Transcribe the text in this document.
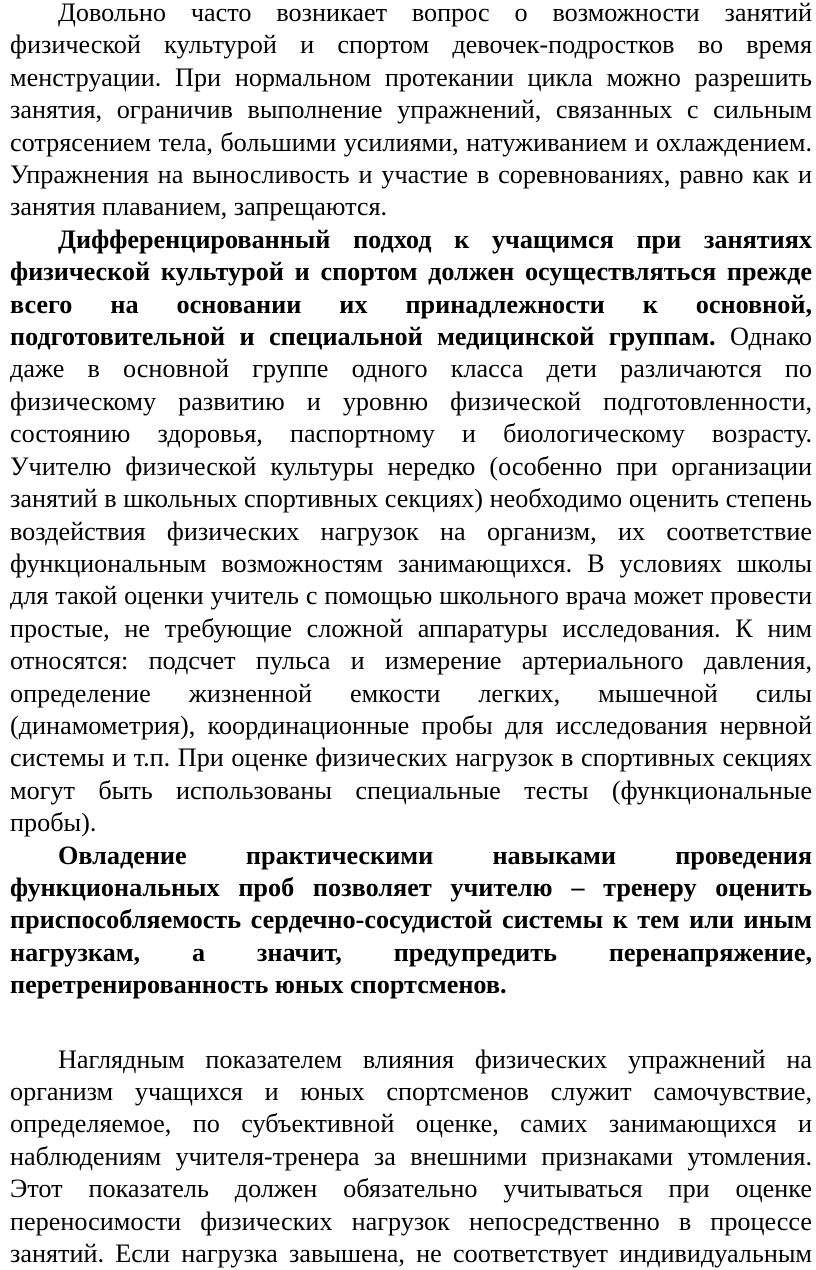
Довольно часто возникает вопрос о возможности занятий физической культурой и спортом девочек-подростков во время менструации. При нормальном протекании цикла можно разрешить занятия, ограничив выполнение упражнений, связанных с сильным сотрясением тела, большими усилиями, натуживанием и охлаждением. Упражнения на выносливость и участие в соревнованиях, равно как и занятия плаванием, запрещаются.

Дифференцированный подход к учащимся при занятиях физической культурой и спортом должен осуществляться прежде всего на основании их принадлежности к основной, подготовительной и специальной медицинской группам. Однако даже в основной группе одного класса дети различаются по физическому развитию и уровню физической подготовленности, состоянию здоровья, паспортному и биологическому возрасту. Учителю физической культуры нередко (особенно при организации занятий в школьных спортивных секциях) необходимо оценить степень воздействия физических нагрузок на организм, их соответствие функциональным возможностям занимающихся. В условиях школы для такой оценки учитель с помощью школьного врача может провести простые, не требующие сложной аппаратуры исследования. К ним относятся: подсчет пульса и измерение артериального давления, определение жизненной емкости легких, мышечной силы (динамометрия), координационные пробы для исследования нервной системы и т.п. При оценке физических нагрузок в спортивных секциях могут быть использованы специальные тесты (функциональные пробы).

Овладение практическими навыками проведения функциональных проб позволяет учителю – тренеру оценить приспособляемость сердечно-сосудистой системы к тем или иным нагрузкам, а значит, предупредить перенапряжение, перетренированность юных спортсменов.

Наглядным показателем влияния физических упражнений на организм учащихся и юных спортсменов служит самочувствие, определяемое, по субъективной оценке, самих занимающихся и наблюдениям учителя-тренера за внешними признаками утомления. Этот показатель должен обязательно учитываться при оценке переносимости физических нагрузок непосредственно в процессе занятий. Если нагрузка завышена, не соответствует индивидуальным
